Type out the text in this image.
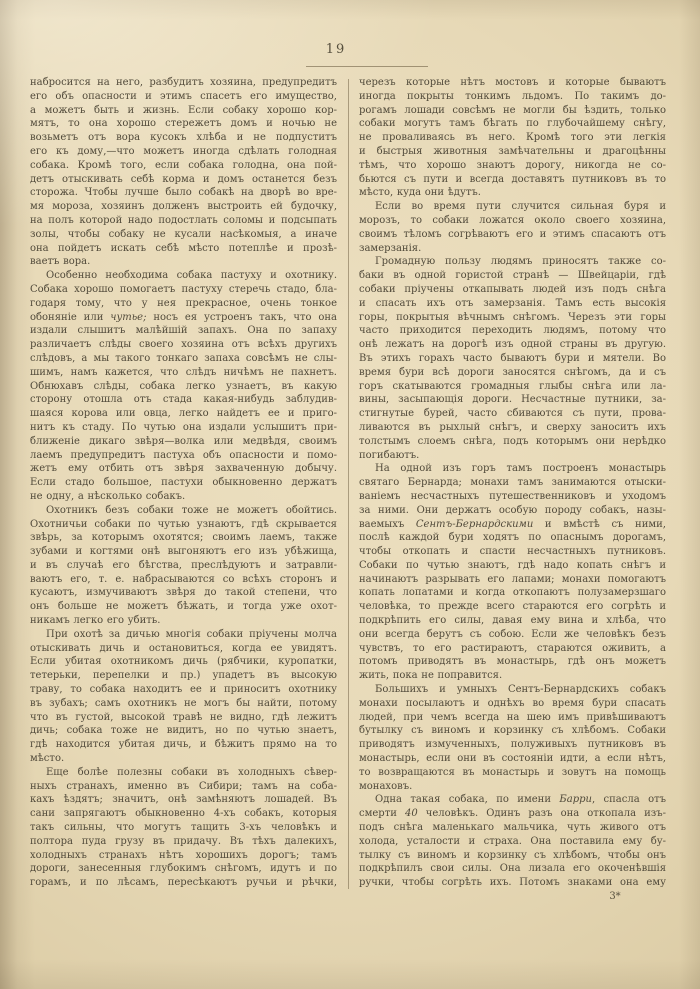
19
набросится на него, разбудитъ хозяина, предупредитъ
его объ опасности и этимъ спасетъ его имущество,
а можетъ быть и жизнь. Если собаку хорошо кор-
мятъ, то она хорошо стережетъ домъ и ночью не
возьметъ отъ вора кусокъ хлѣба и не подпуститъ
его къ дому,—что можетъ иногда сдѣлать голодная
собака. Кромѣ того, если собака голодна, она пой-
детъ отыскивать себѣ корма и домъ останется безъ
сторожа. Чтобы лучше было собакѣ на дворѣ во вре-
мя мороза, хозяинъ долженъ выстроить ей будочку,
на полъ которой надо подостлать соломы и подсыпать
золы, чтобы собаку не кусали насѣкомыя, а иначе
она пойдетъ искать себѣ мѣсто потеплѣе и прозѣ-
ваетъ вора.
Особенно необходима собака пастуху и охотнику.
Собака хорошо помогаетъ пастуху стеречь стадо, бла-
годаря тому, что у нея прекрасное, очень тонкое
обоняніе или чутье; носъ ея устроенъ такъ, что она
издали слышитъ малѣйшій запахъ. Она по запаху
различаетъ слѣды своего хозяина отъ всѣхъ другихъ
слѣдовъ, а мы такого тонкаго запаха совсѣмъ не слы-
шимъ, намъ кажется, что слѣдъ ничѣмъ не пахнетъ.
Обнюхавъ слѣды, собака легко узнаетъ, въ какую
сторону отошла отъ стада какая-нибудь заблудив-
шаяся корова или овца, легко найдетъ ее и приго-
нитъ къ стаду. По чутью она издали услышитъ при-
ближеніе дикаго звѣря—волка или медвѣдя, своимъ
лаемъ предупредитъ пастуха объ опасности и помо-
жетъ ему отбить отъ звѣря захваченную добычу.
Если стадо большое, пастухи обыкновенно держатъ
не одну, а нѣсколько собакъ.
Охотникъ безъ собаки тоже не можетъ обойтись.
Охотничьи собаки по чутью узнаютъ, гдѣ скрывается
звѣрь, за которымъ охотятся; своимъ лаемъ, также
зубами и когтями онѣ выгоняютъ его изъ убѣжища,
и въ случаѣ его бѣгства, преслѣдуютъ и затравли-
ваютъ его, т. е. набрасываются со всѣхъ сторонъ и
кусаютъ, измучиваютъ звѣря до такой степени, что
онъ больше не можетъ бѣжать, и тогда уже охот-
никамъ легко его убить.
При охотѣ за дичью многія собаки пріучены молча
отыскивать дичь и остановиться, когда ее увидятъ.
Если убитая охотникомъ дичь (рябчики, куропатки,
тетерьки, перепелки и пр.) упадетъ въ высокую
траву, то собака находитъ ее и приноситъ охотнику
въ зубахъ; самъ охотникъ не могъ бы найти, потому
что въ густой, высокой травѣ не видно, гдѣ лежитъ
дичь; собака тоже не видитъ, но по чутью знаетъ,
гдѣ находится убитая дичь, и бѣжитъ прямо на то
мѣсто.
Еще болѣе полезны собаки въ холодныхъ сѣвер-
ныхъ странахъ, именно въ Сибири; тамъ на соба-
кахъ ѣздятъ; значитъ, онѣ замѣняютъ лошадей. Въ
сани запрягаютъ обыкновенно 4-хъ собакъ, которыя
такъ сильны, что могутъ тащить 3-хъ человѣкъ и
полтора пуда грузу въ придачу. Въ тѣхъ далекихъ,
холодныхъ странахъ нѣтъ хорошихъ дорогъ; тамъ
дороги, занесенныя глубокимъ снѣгомъ, идутъ и по
горамъ, и по лѣсамъ, пересѣкаютъ ручьи и рѣчки,
черезъ которые нѣтъ мостовъ и которые бываютъ
иногда покрыты тонкимъ льдомъ. По такимъ до-
рогамъ лошади совсѣмъ не могли бы ѣздить, только
собаки могутъ тамъ бѣгать по глубочайшему снѣгу,
не проваливаясь въ него. Кромѣ того эти легкія
и быстрыя животныя замѣчательны и драгоцѣнны
тѣмъ, что хорошо знаютъ дорогу, никогда не со-
бьются съ пути и всегда доставятъ путниковъ въ то
мѣсто, куда они ѣдутъ.
Если во время пути случится сильная буря и
морозъ, то собаки ложатся около своего хозяина,
своимъ тѣломъ согрѣваютъ его и этимъ спасаютъ отъ
замерзанія.
Громадную пользу людямъ приносятъ также со-
баки въ одной гористой странѣ — Швейцаріи, гдѣ
собаки пріучены откапывать людей изъ подъ снѣга
и спасать ихъ отъ замерзанія. Тамъ есть высокія
горы, покрытыя вѣчнымъ снѣгомъ. Черезъ эти горы
часто приходится переходить людямъ, потому что
онѣ лежатъ на дорогѣ изъ одной страны въ другую.
Въ этихъ горахъ часто бываютъ бури и мятели. Во
время бури всѣ дороги заносятся снѣгомъ, да и съ
горъ скатываются громадныя глыбы снѣга или ла-
вины, засыпающія дороги. Несчастные путники, за-
стигнутые бурей, часто сбиваются съ пути, прова-
ливаются въ рыхлый снѣгъ, и сверху заноситъ ихъ
толстымъ слоемъ снѣга, подъ которымъ они нерѣдко
погибаютъ.
На одной изъ горъ тамъ построенъ монастырь
святаго Бернарда; монахи тамъ занимаются отыски-
ваніемъ несчастныхъ путешественниковъ и уходомъ
за ними. Они держатъ особую породу собакъ, назы-
ваемыхъ Сентъ-Бернардскими и вмѣстѣ съ ними,
послѣ каждой бури ходятъ по опаснымъ дорогамъ,
чтобы откопать и спасти несчастныхъ путниковъ.
Собаки по чутью знаютъ, гдѣ надо копать снѣгъ и
начинаютъ разрывать его лапами; монахи помогаютъ
копать лопатами и когда откопаютъ полузамерзшаго
человѣка, то прежде всего стараются его согрѣть и
подкрѣпить его силы, давая ему вина и хлѣба, что
они всегда берутъ съ собою. Если же человѣкъ безъ
чувствъ, то его растираютъ, стараются оживить, а
потомъ приводятъ въ монастырь, гдѣ онъ можетъ
жить, пока не поправится.
Большихъ и умныхъ Сентъ-Бернардскихъ собакъ
монахи посылаютъ и однѣхъ во время бури спасать
людей, при чемъ всегда на шею имъ привѣшиваютъ
бутылку съ виномъ и корзинку съ хлѣбомъ. Собаки
приводятъ измученныхъ, полуживыхъ путниковъ въ
монастырь, если они въ состояніи идти, а если нѣтъ,
то возвращаются въ монастырь и зовутъ на помощь
монаховъ.
Одна такая собака, по имени Барри, спасла отъ
смерти 40 человѣкъ. Одинъ разъ она откопала изъ-
подъ снѣга маленькаго мальчика, чуть живого отъ
холода, усталости и страха. Она поставила ему бу-
тылку съ виномъ и корзинку съ хлѣбомъ, чтобы онъ
подкрѣпилъ свои силы. Она лизала его окоченѣвшія
ручки, чтобы согрѣть ихъ. Потомъ знаками она ему
3*
